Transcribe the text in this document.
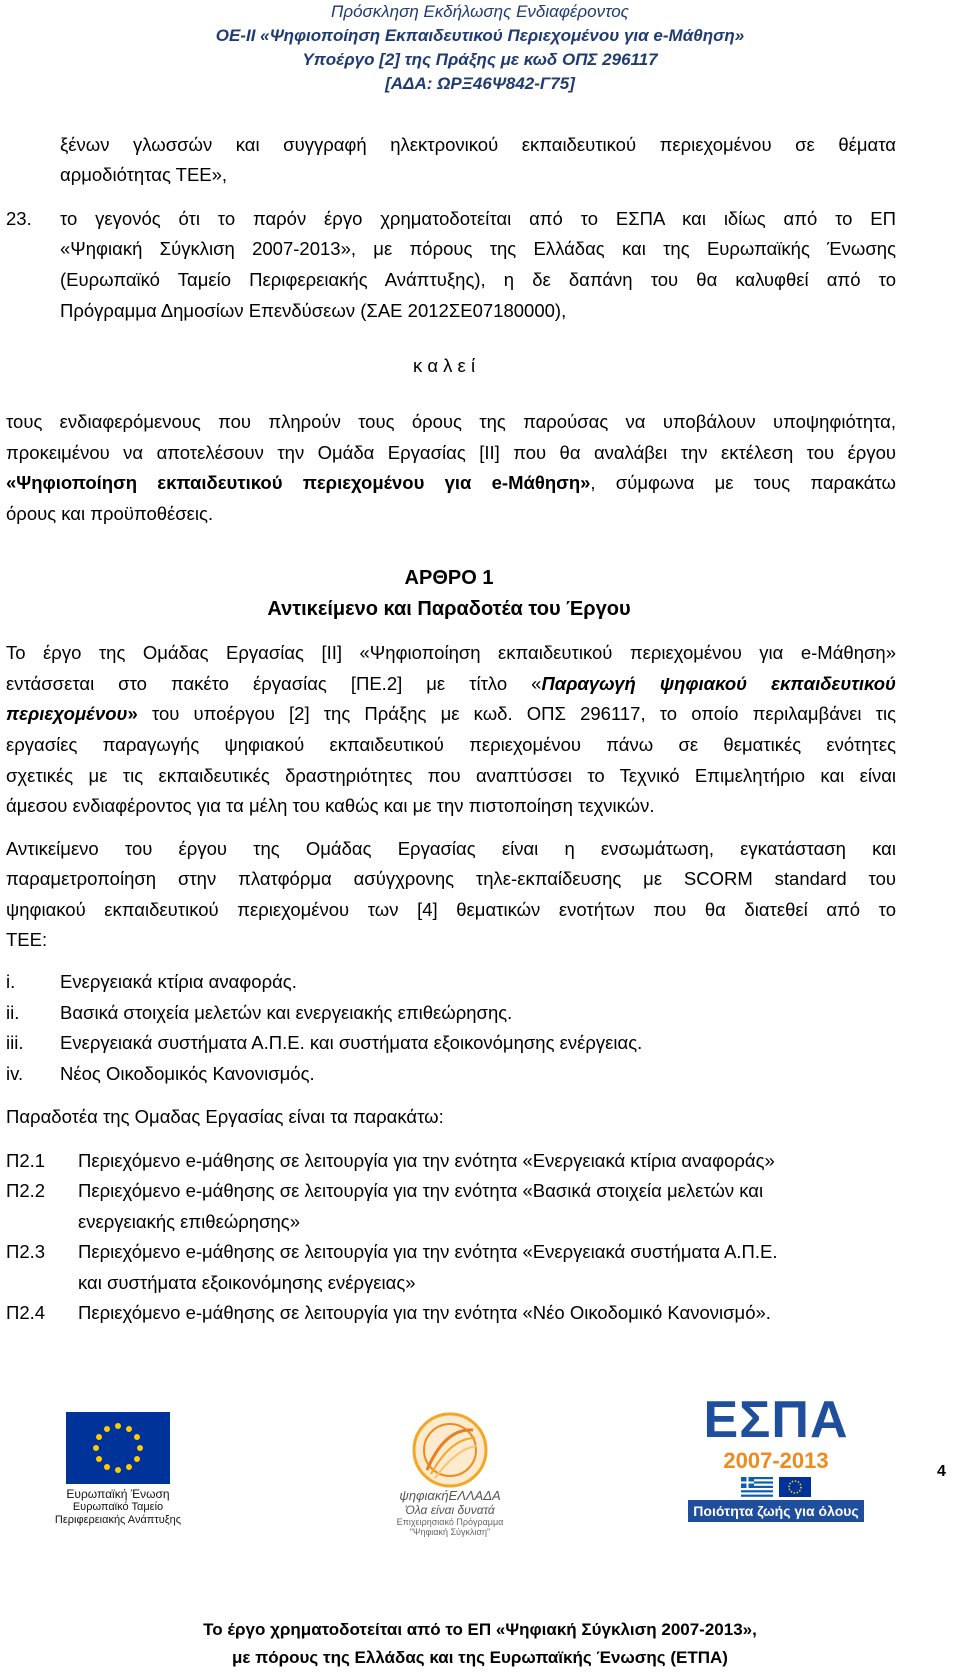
Πρόσκληση Εκδήλωσης Ενδιαφέροντος
ΟΕ-ΙΙ «Ψηφιοποίηση Εκπαιδευτικού Περιεχομένου για e-Μάθηση»
Υποέργο [2] της Πράξης με κωδ ΟΠΣ 296117
[ΑΔΑ: ΩΡΞ46Ψ842-Γ75]
ξένων γλωσσών και συγγραφή ηλεκτρονικού εκπαιδευτικού περιεχομένου σε θέματα
αρμοδιότητας ΤΕΕ»,
23. το γεγονός ότι το παρόν έργο χρηματοδοτείται από το ΕΣΠΑ και ιδίως από το ΕΠ
«Ψηφιακή Σύγκλιση 2007-2013», με πόρους της Ελλάδας και της Ευρωπαϊκής Ένωσης
(Ευρωπαϊκό Ταμείο Περιφερειακής Ανάπτυξης), η δε δαπάνη του θα καλυφθεί από το
Πρόγραμμα Δημοσίων Επενδύσεων (ΣΑΕ 2012ΣΕ07180000),
κ α λ ε ί
τους ενδιαφερόμενους που πληρούν τους όρους της παρούσας να υποβάλουν υποψηφιότητα,
προκειμένου να αποτελέσουν την Ομάδα Εργασίας [ΙΙ] που θα αναλάβει την εκτέλεση του έργου
«Ψηφιοποίηση εκπαιδευτικού περιεχομένου για e-Μάθηση», σύμφωνα με τους παρακάτω
όρους και προϋποθέσεις.
ΑΡΘΡΟ 1
Αντικείμενο και Παραδοτέα του Έργου
Το έργο της Ομάδας Εργασίας [ΙΙ] «Ψηφιοποίηση εκπαιδευτικού περιεχομένου για e-Μάθηση»
εντάσσεται στο πακέτο έργασίας [ΠΕ.2] με τίτλο «Παραγωγή ψηφιακού εκπαιδευτικού
περιεχομένου» του υποέργου [2] της Πράξης με κωδ. ΟΠΣ 296117, το οποίο περιλαμβάνει τις
εργασίες παραγωγής ψηφιακού εκπαιδευτικού περιεχομένου πάνω σε θεματικές ενότητες
σχετικές με τις εκπαιδευτικές δραστηριότητες που αναπτύσσει το Τεχνικό Επιμελητήριο και είναι
άμεσου ενδιαφέροντος για τα μέλη του καθώς και με την πιστοποίηση τεχνικών.
Αντικείμενο του έργου της Ομάδας Εργασίας είναι η ενσωμάτωση, εγκατάσταση και
παραμετροποίηση στην πλατφόρμα ασύγχρονης τηλε-εκπαίδευσης με SCORM standard του
ψηφιακού εκπαιδευτικού περιεχομένου των [4] θεματικών ενοτήτων που θα διατεθεί από το
ΤΕΕ:
i. Ενεργειακά κτίρια αναφοράς.
ii. Βασικά στοιχεία μελετών και ενεργειακής επιθεώρησης.
iii. Ενεργειακά συστήματα Α.Π.Ε. και συστήματα εξοικονόμησης ενέργειας.
iv. Νέος Οικοδομικός Κανονισμός.
Παραδοτέα της Ομαδας Εργασίας είναι τα παρακάτω:
Π2.1 Περιεχόμενο e-μάθησης σε λειτουργία για την ενότητα «Ενεργειακά κτίρια αναφοράς»
Π2.2 Περιεχόμενο e-μάθησης σε λειτουργία για την ενότητα «Βασικά στοιχεία μελετών και
ενεργειακής επιθεώρησης»
Π2.3 Περιεχόμενο e-μάθησης σε λειτουργία για την ενότητα «Ενεργειακά συστήματα Α.Π.Ε.
και συστήματα εξοικονόμησης ενέργειας»
Π2.4 Περιεχόμενο e-μάθησης σε λειτουργία για την ενότητα «Νέο Οικοδομικό Κανονισμό».
4
Ευρωπαϊκή Ένωση
Ευρωπαϊκό Ταμείο
Περιφερειακής Ανάπτυξης
ψηφιακήΕΛΛΑΔΑ
Όλα είναι δυνατά
Επιχειρησιακό Πρόγραμμα
"Ψηφιακή Σύγκλιση"
ΕΣΠΑ
2007-2013
Ποιότητα ζωής για όλους
Το έργο χρηματοδοτείται από το ΕΠ «Ψηφιακή Σύγκλιση 2007-2013»,
με πόρους της Ελλάδας και της Ευρωπαϊκής Ένωσης (ΕΤΠΑ)
